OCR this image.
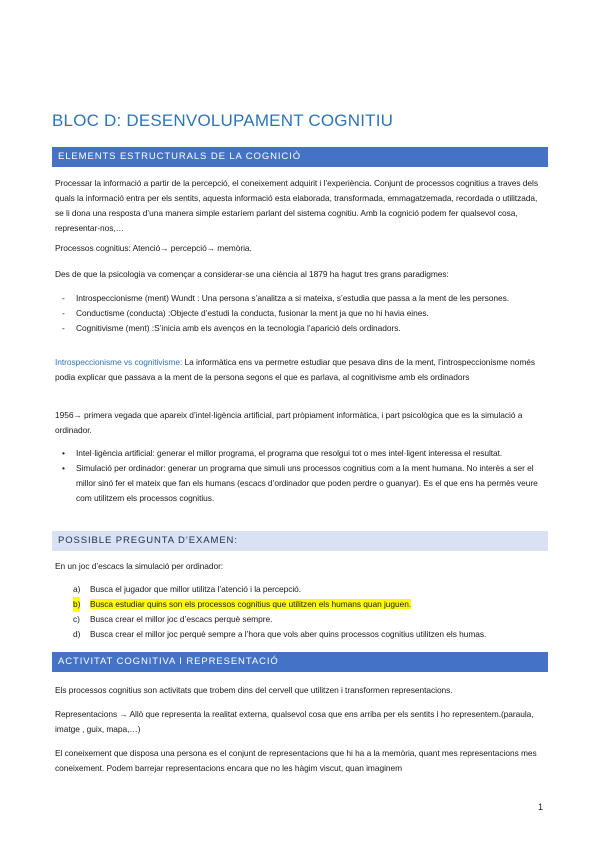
BLOC D: DESENVOLUPAMENT COGNITIU
ELEMENTS ESTRUCTURALS DE LA COGNICIÓ

Processar la informació a partir de la percepció, el coneixement adquirit i l’experiència. Conjunt de processos cognitius a traves dels quals la informació entra per els sentits, aquesta informació esta elaborada, transformada, emmagatzemada, recordada o utilitzada, se li dona una resposta d’una manera simple estaríem parlant del sistema cognitiu. Amb la cognició podem fer qualsevol cosa, representar-nos,…

Processos cognitius: Atenció→ percepció→ memòria.

Des de que la psicologia va començar a considerar-se una ciència al 1879 ha hagut tres grans paradigmes:

- Introspeccionisme (ment) Wundt : Una persona s’analitza a si mateixa, s’estudia que passa a la ment de les persones.
- Conductisme (conducta) :Objecte d’estudi la conducta, fusionar la ment ja que no hi havia eines.
- Cognitivisme (ment) :S’inicia amb els avenços en la tecnologia l’aparició dels ordinadors.

Introspeccionisme vs cognitivisme: La informàtica ens va permetre estudiar que pesava dins de la ment, l’introspeccionisme només podia explicar que passava a la ment de la persona segons el que es parlava, al cognitivisme amb els ordinadors

1956→ primera vegada que apareix d’intel·ligència artificial, part pròpiament informàtica, i part psicològica que es la simulació a ordinador.

• Intel·ligència artificial: generar el millor programa, el programa que resolgui tot o mes intel·ligent interessa el resultat.
• Simulació per ordinador: generar un programa que simuli uns processos cognitius com a la ment humana. No interès a ser el millor sinó fer el mateix que fan els humans (escacs d’ordinador que poden perdre o guanyar). Es el que ens ha permès veure com utilitzem els processos cognitius.
POSSIBLE PREGUNTA D’EXAMEN:

En un joc d’escacs la simulació per ordinador:

a) Busca el jugador que millor utilitza l’atenció i la percepció.
b) Busca estudiar quins son els processos cognitius que utilitzen els humans quan juguen.
c) Busca crear el millor joc d’escacs perquè sempre.
d) Busca crear el millor joc perquè sempre a l’hora que vols aber quins processos cognitius utilitzen els humas.
ACTIVITAT COGNITIVA I REPRESENTACIÓ

Els processos cognitius son activitats que trobem dins del cervell que utilitzen i transformen representacions.

Representacions → Allò que representa la realitat externa, qualsevol cosa que ens arriba per els sentits i ho representem.(paraula, imatge , guix, mapa,…)

El coneixement que disposa una persona es el conjunt de representacions que hi ha a la memòria, quant mes representacions mes coneixement. Podem barrejar representacions encara que no les hàgim viscut, quan imaginem

1
